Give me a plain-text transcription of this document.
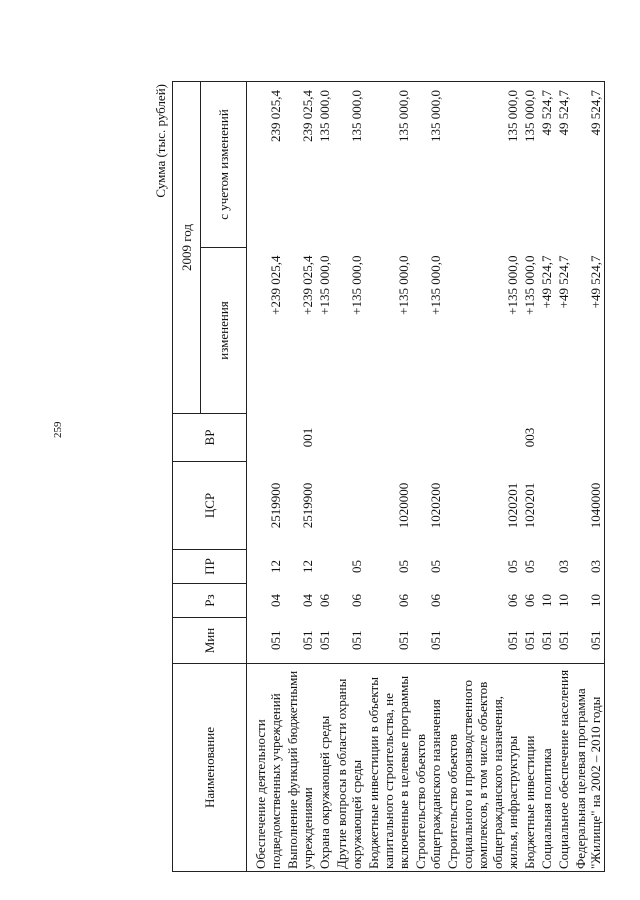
259
Сумма (тыс. рублей)
Наименование	Мин	Рз	ПР	ЦСР	ВР	2009 год	
						изменения	с учетом изменений
Обеспечение деятельности подведомственных учреждений	051	04	12	2519900		+239 025,4	239 025,4
Выполнение функций бюджетными учреждениями	051	04	12	2519900	001	+239 025,4	239 025,4
Охрана окружающей среды	051	06				+135 000,0	135 000,0
Другие вопросы в области охраны окружающей среды	051	06	05			+135 000,0	135 000,0
Бюджетные инвестиции в объекты капитального строительства, не включенные в целевые программы	051	06	05	1020000		+135 000,0	135 000,0
Строительство объектов общегражданского назначения	051	06	05	1020200		+135 000,0	135 000,0
Строительство объектов социального и производственного комплексов, в том числе объектов общегражданского назначения, жилья, инфраструктуры	051	06	05	1020201		+135 000,0	135 000,0
Бюджетные инвестиции	051	06	05	1020201	003	+135 000,0	135 000,0
Социальная политика	051	10				+49 524,7	49 524,7
Социальное обеспечение населения	051	10	03			+49 524,7	49 524,7
Федеральная целевая программа "Жилище" на 2002 – 2010 годы	051	10	03	1040000		+49 524,7	49 524,7
